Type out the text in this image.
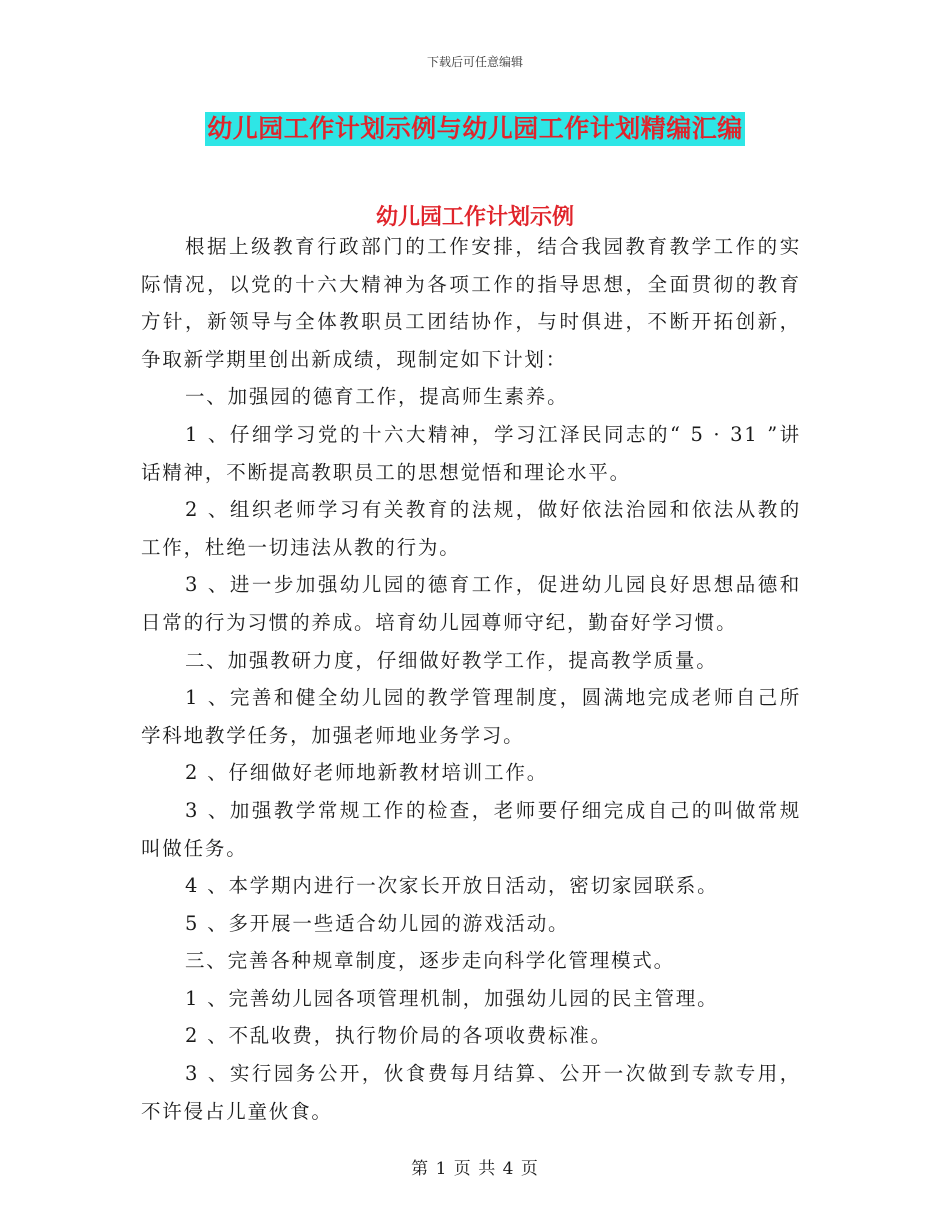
下载后可任意编辑
幼儿园工作计划示例与幼儿园工作计划精编汇编
幼儿园工作计划示例

根据上级教育行政部门的工作安排，结合我园教育教学工作的实际情况，以党的十六大精神为各项工作的指导思想，全面贯彻的教育方针，新领导与全体教职员工团结协作，与时俱进，不断开拓创新，争取新学期里创出新成绩，现制定如下计划：

一、加强园的德育工作，提高师生素养。

1 、仔细学习党的十六大精神，学习江泽民同志的“ 5 · 31 ”讲话精神，不断提高教职员工的思想觉悟和理论水平。

2 、组织老师学习有关教育的法规，做好依法治园和依法从教的工作，杜绝一切违法从教的行为。

3 、进一步加强幼儿园的德育工作，促进幼儿园良好思想品德和日常的行为习惯的养成。培育幼儿园尊师守纪，勤奋好学习惯。

二、加强教研力度，仔细做好教学工作，提高教学质量。

1 、完善和健全幼儿园的教学管理制度，圆满地完成老师自己所学科地教学任务，加强老师地业务学习。

2 、仔细做好老师地新教材培训工作。

3 、加强教学常规工作的检查，老师要仔细完成自己的叫做常规叫做任务。

4 、本学期内进行一次家长开放日活动，密切家园联系。

5 、多开展一些适合幼儿园的游戏活动。

三、完善各种规章制度，逐步走向科学化管理模式。

1 、完善幼儿园各项管理机制，加强幼儿园的民主管理。

2 、不乱收费，执行物价局的各项收费标准。

3 、实行园务公开，伙食费每月结算、公开一次做到专款专用，不许侵占儿童伙食。

第 1 页 共 4 页
